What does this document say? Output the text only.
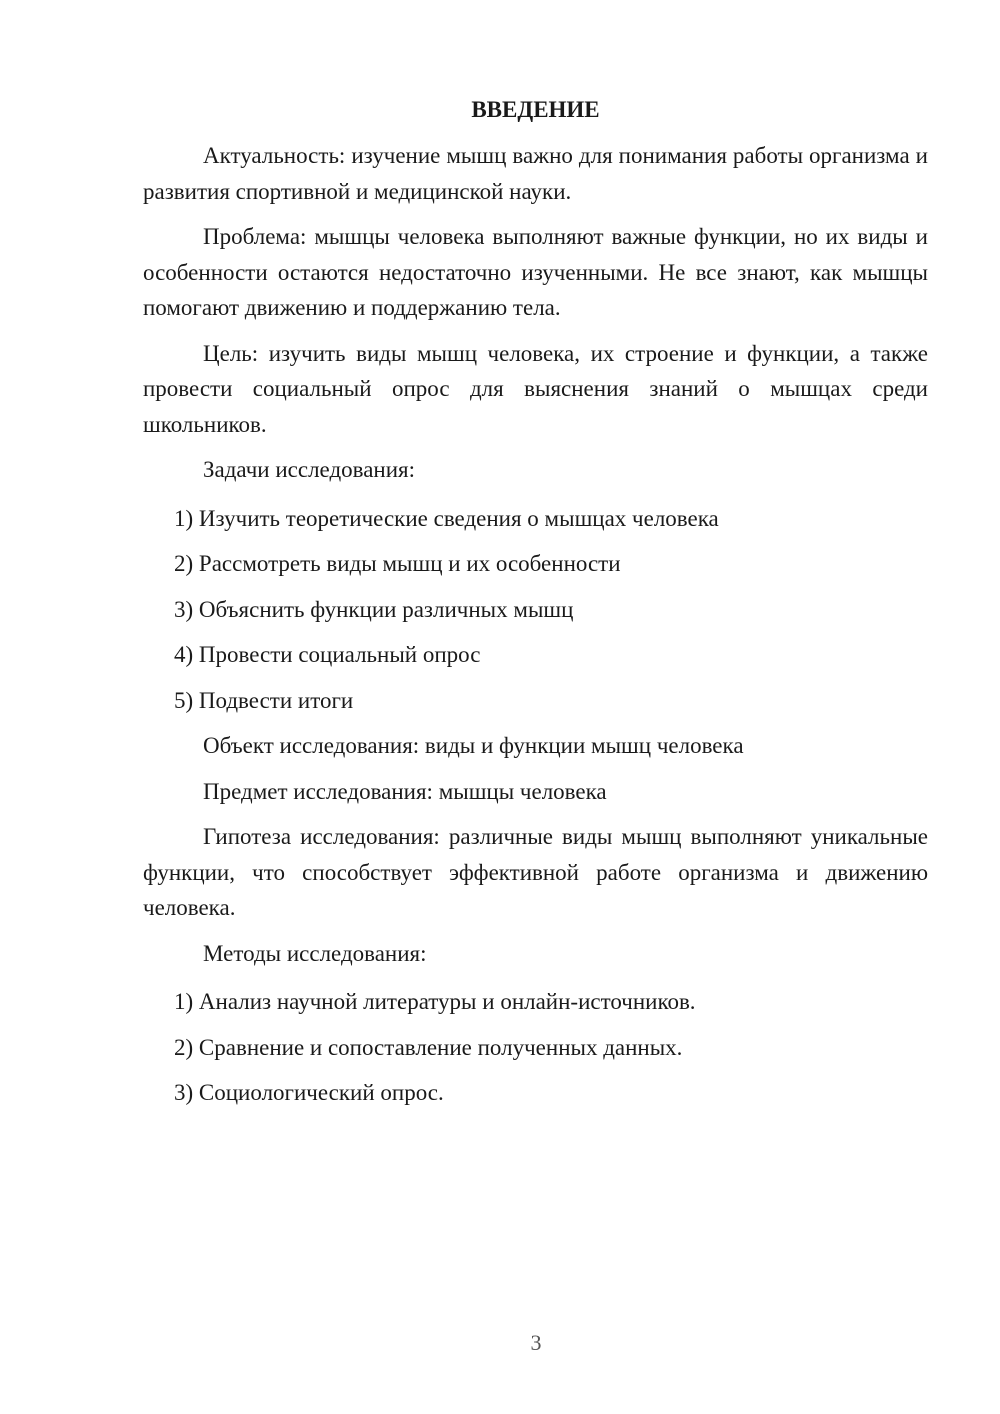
ВВЕДЕНИЕ

Актуальность: изучение мышц важно для понимания работы организма и развития спортивной и медицинской науки.

Проблема: мышцы человека выполняют важные функции, но их виды и особенности остаются недостаточно изученными. Не все знают, как мышцы помогают движению и поддержанию тела.

Цель: изучить виды мышц человека, их строение и функции, а также провести социальный опрос для выяснения знаний о мышцах среди школьников.

Задачи исследования:

1) Изучить теоретические сведения о мышцах человека

2) Рассмотреть виды мышц и их особенности

3) Объяснить функции различных мышц

4) Провести социальный опрос

5) Подвести итоги

Объект исследования: виды и функции мышц человека

Предмет исследования: мышцы человека

Гипотеза исследования: различные виды мышц выполняют уникальные функции, что способствует эффективной работе организма и движению человека.

Методы исследования:

1) Анализ научной литературы и онлайн-источников.

2) Сравнение и сопоставление полученных данных.

3) Социологический опрос.

3
